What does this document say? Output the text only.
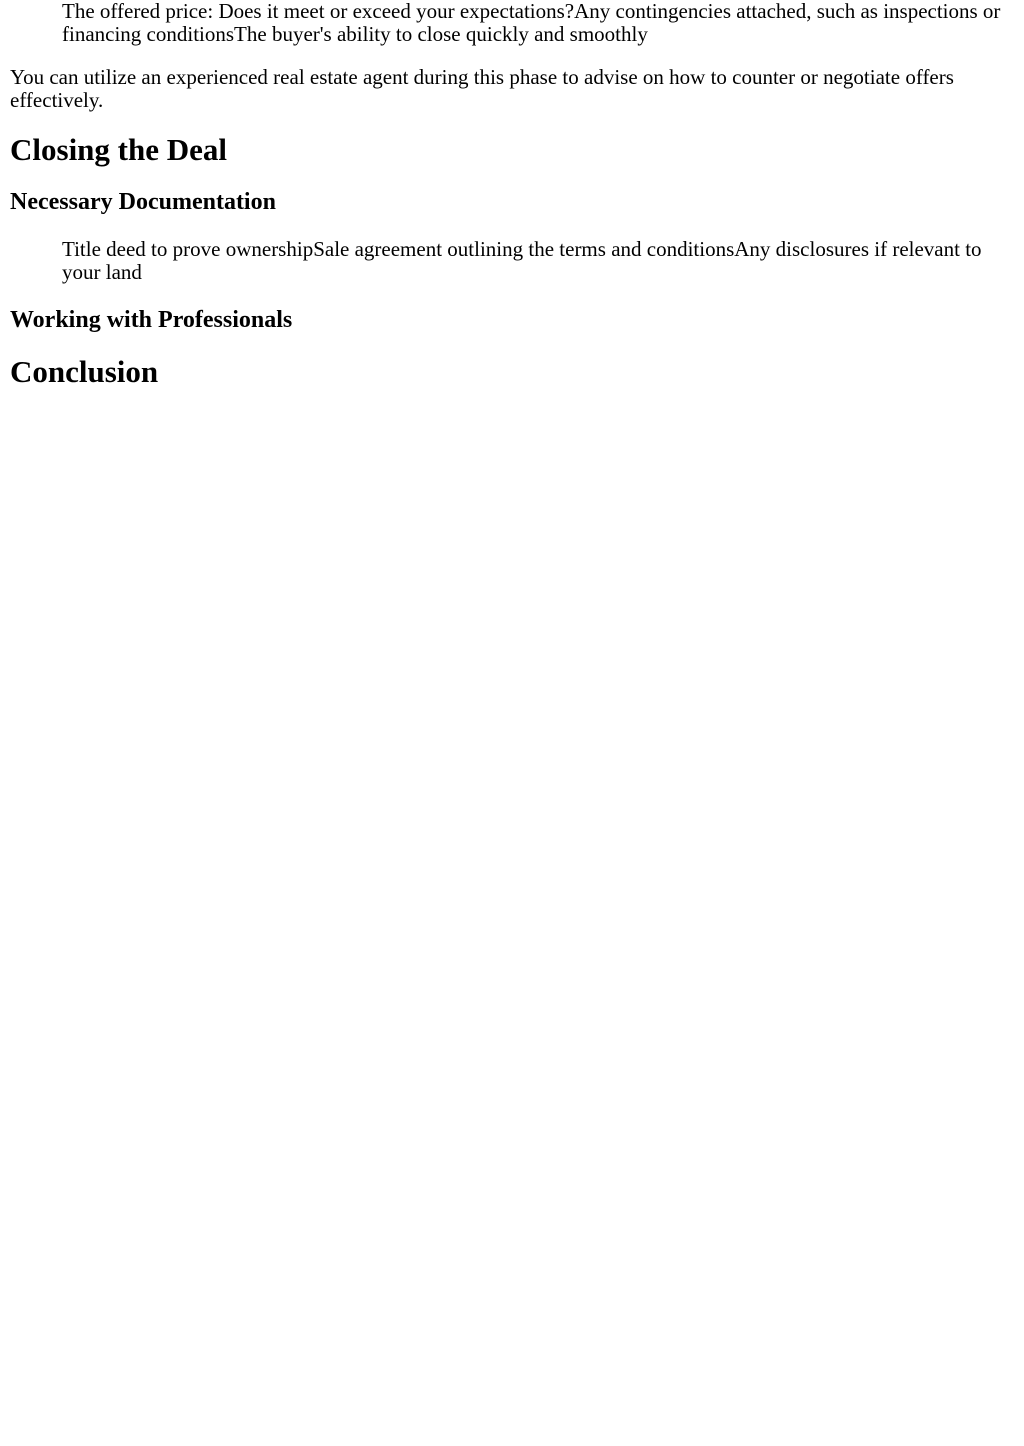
The offered price: Does it meet or exceed your expectations?Any contingencies attached, such as inspections or financing conditionsThe buyer's ability to close quickly and smoothly

You can utilize an experienced real estate agent during this phase to advise on how to counter or negotiate offers effectively.

Closing the Deal
Necessary Documentation
Title deed to prove ownershipSale agreement outlining the terms and conditionsAny disclosures if relevant to your land
Working with Professionals
Conclusion
